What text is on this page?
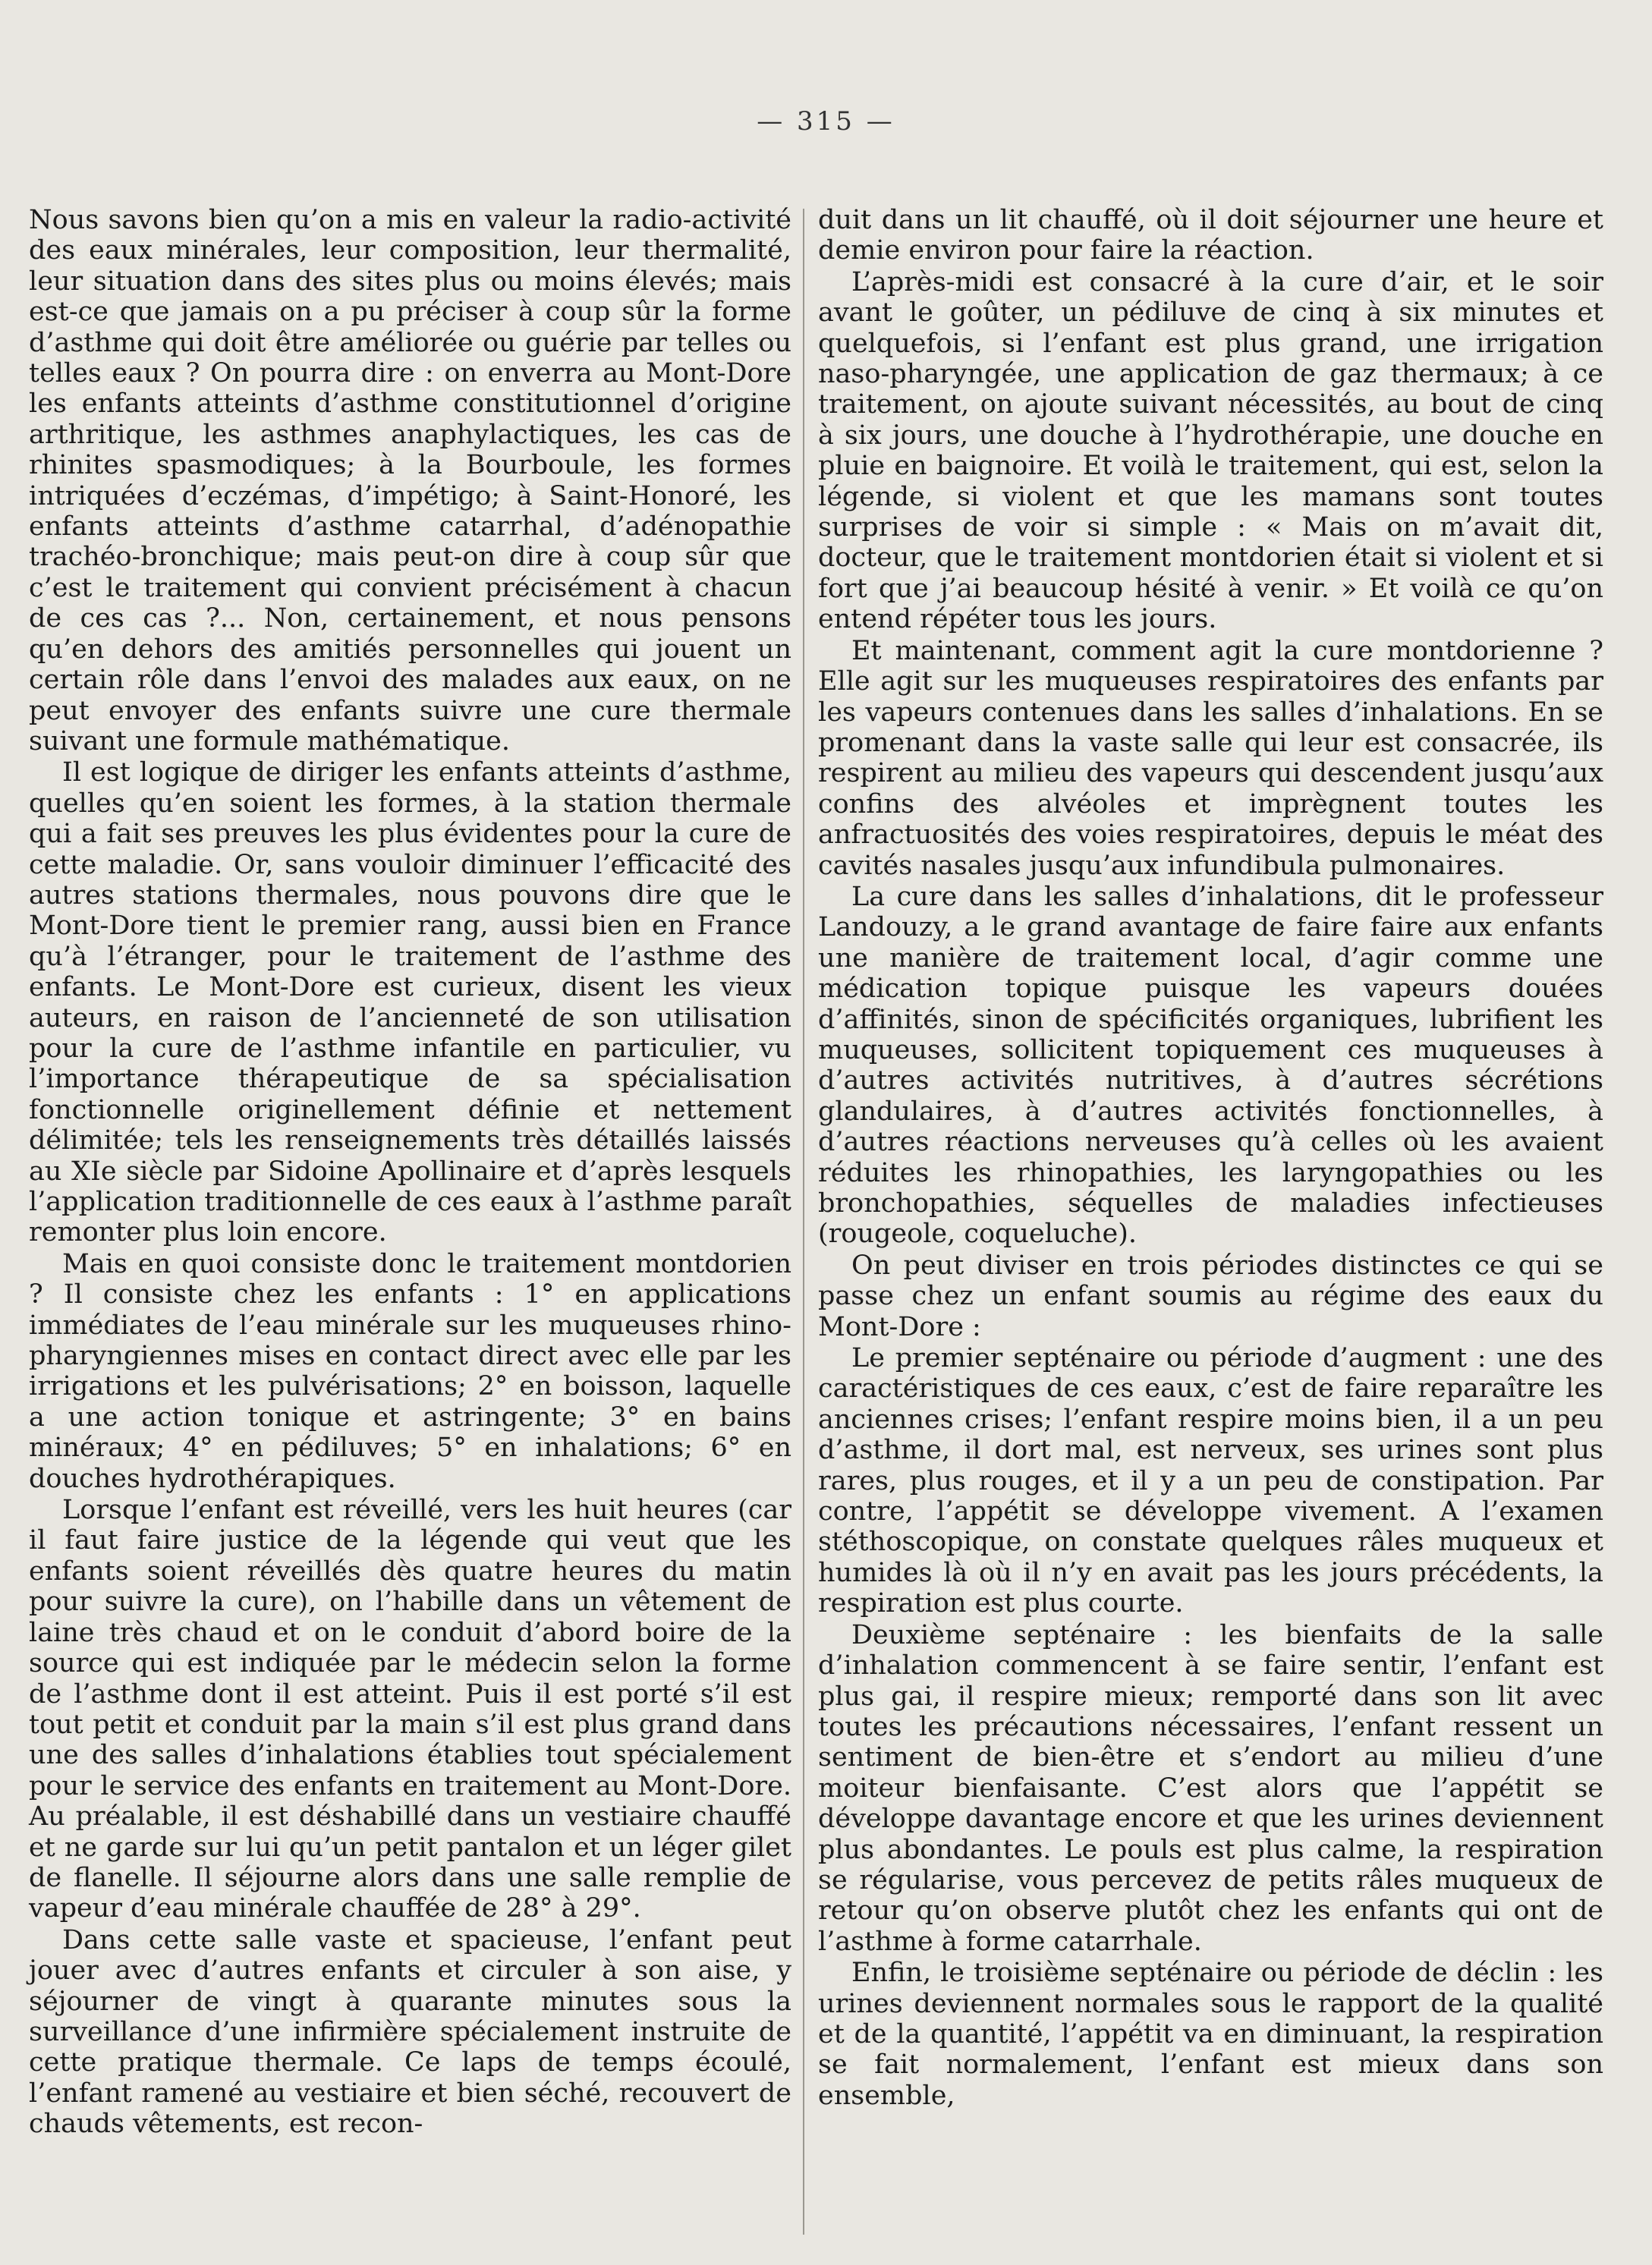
— 315 —

Nous savons bien qu’on a mis en valeur la radio-activité des eaux minérales, leur composition, leur thermalité, leur situation dans des sites plus ou moins élevés; mais est-ce que jamais on a pu préciser à coup sûr la forme d’asthme qui doit être améliorée ou guérie par telles ou telles eaux ? On pourra dire : on enverra au Mont-Dore les enfants atteints d’asthme constitutionnel d’origine arthritique, les asthmes anaphylactiques, les cas de rhinites spasmodiques; à la Bourboule, les formes intriquées d’eczémas, d’impétigo; à Saint-Honoré, les enfants atteints d’asthme catarrhal, d’adénopathie trachéo-bronchique; mais peut-on dire à coup sûr que c’est le traitement qui convient précisément à chacun de ces cas ?... Non, certainement, et nous pensons qu’en dehors des amitiés personnelles qui jouent un certain rôle dans l’envoi des malades aux eaux, on ne peut envoyer des enfants suivre une cure thermale suivant une formule mathématique.

Il est logique de diriger les enfants atteints d’asthme, quelles qu’en soient les formes, à la station thermale qui a fait ses preuves les plus évidentes pour la cure de cette maladie. Or, sans vouloir diminuer l’efficacité des autres stations thermales, nous pouvons dire que le Mont-Dore tient le premier rang, aussi bien en France qu’à l’étranger, pour le traitement de l’asthme des enfants. Le Mont-Dore est curieux, disent les vieux auteurs, en raison de l’ancienneté de son utilisation pour la cure de l’asthme infantile en particulier, vu l’importance thérapeutique de sa spécialisation fonctionnelle originellement définie et nettement délimitée; tels les renseignements très détaillés laissés au XIe siècle par Sidoine Apollinaire et d’après lesquels l’application traditionnelle de ces eaux à l’asthme paraît remonter plus loin encore.

Mais en quoi consiste donc le traitement montdorien ? Il consiste chez les enfants : 1° en applications immédiates de l’eau minérale sur les muqueuses rhino-pharyngiennes mises en contact direct avec elle par les irrigations et les pulvérisations; 2° en boisson, laquelle a une action tonique et astringente; 3° en bains minéraux; 4° en pédiluves; 5° en inhalations; 6° en douches hydrothérapiques.

Lorsque l’enfant est réveillé, vers les huit heures (car il faut faire justice de la légende qui veut que les enfants soient réveillés dès quatre heures du matin pour suivre la cure), on l’habille dans un vêtement de laine très chaud et on le conduit d’abord boire de la source qui est indiquée par le médecin selon la forme de l’asthme dont il est atteint. Puis il est porté s’il est tout petit et conduit par la main s’il est plus grand dans une des salles d’inhalations établies tout spécialement pour le service des enfants en traitement au Mont-Dore. Au préalable, il est déshabillé dans un vestiaire chauffé et ne garde sur lui qu’un petit pantalon et un léger gilet de flanelle. Il séjourne alors dans une salle remplie de vapeur d’eau minérale chauffée de 28° à 29°.

Dans cette salle vaste et spacieuse, l’enfant peut jouer avec d’autres enfants et circuler à son aise, y séjourner de vingt à quarante minutes sous la surveillance d’une infirmière spécialement instruite de cette pratique thermale. Ce laps de temps écoulé, l’enfant ramené au vestiaire et bien séché, recouvert de chauds vêtements, est recon-

duit dans un lit chauffé, où il doit séjourner une heure et demie environ pour faire la réaction.

L’après-midi est consacré à la cure d’air, et le soir avant le goûter, un pédiluve de cinq à six minutes et quelquefois, si l’enfant est plus grand, une irrigation naso-pharyngée, une application de gaz thermaux; à ce traitement, on ajoute suivant nécessités, au bout de cinq à six jours, une douche à l’hydrothérapie, une douche en pluie en baignoire. Et voilà le traitement, qui est, selon la légende, si violent et que les mamans sont toutes surprises de voir si simple : « Mais on m’avait dit, docteur, que le traitement montdorien était si violent et si fort que j’ai beaucoup hésité à venir. » Et voilà ce qu’on entend répéter tous les jours.

Et maintenant, comment agit la cure montdorienne ? Elle agit sur les muqueuses respiratoires des enfants par les vapeurs contenues dans les salles d’inhalations. En se promenant dans la vaste salle qui leur est consacrée, ils respirent au milieu des vapeurs qui descendent jusqu’aux confins des alvéoles et imprègnent toutes les anfractuosités des voies respiratoires, depuis le méat des cavités nasales jusqu’aux infundibula pulmonaires.

La cure dans les salles d’inhalations, dit le professeur Landouzy, a le grand avantage de faire faire aux enfants une manière de traitement local, d’agir comme une médication topique puisque les vapeurs douées d’affinités, sinon de spécificités organiques, lubrifient les muqueuses, sollicitent topiquement ces muqueuses à d’autres activités nutritives, à d’autres sécrétions glandulaires, à d’autres activités fonctionnelles, à d’autres réactions nerveuses qu’à celles où les avaient réduites les rhinopathies, les laryngopathies ou les bronchopathies, séquelles de maladies infectieuses (rougeole, coqueluche).

On peut diviser en trois périodes distinctes ce qui se passe chez un enfant soumis au régime des eaux du Mont-Dore :

Le premier septénaire ou période d’augment : une des caractéristiques de ces eaux, c’est de faire reparaître les anciennes crises; l’enfant respire moins bien, il a un peu d’asthme, il dort mal, est nerveux, ses urines sont plus rares, plus rouges, et il y a un peu de constipation. Par contre, l’appétit se développe vivement. A l’examen stéthoscopique, on constate quelques râles muqueux et humides là où il n’y en avait pas les jours précédents, la respiration est plus courte.

Deuxième septénaire : les bienfaits de la salle d’inhalation commencent à se faire sentir, l’enfant est plus gai, il respire mieux; remporté dans son lit avec toutes les précautions nécessaires, l’enfant ressent un sentiment de bien-être et s’endort au milieu d’une moiteur bienfaisante. C’est alors que l’appétit se développe davantage encore et que les urines deviennent plus abondantes. Le pouls est plus calme, la respiration se régularise, vous percevez de petits râles muqueux de retour qu’on observe plutôt chez les enfants qui ont de l’asthme à forme catarrhale.

Enfin, le troisième septénaire ou période de déclin : les urines deviennent normales sous le rapport de la qualité et de la quantité, l’appétit va en diminuant, la respiration se fait normalement, l’enfant est mieux dans son ensemble,
